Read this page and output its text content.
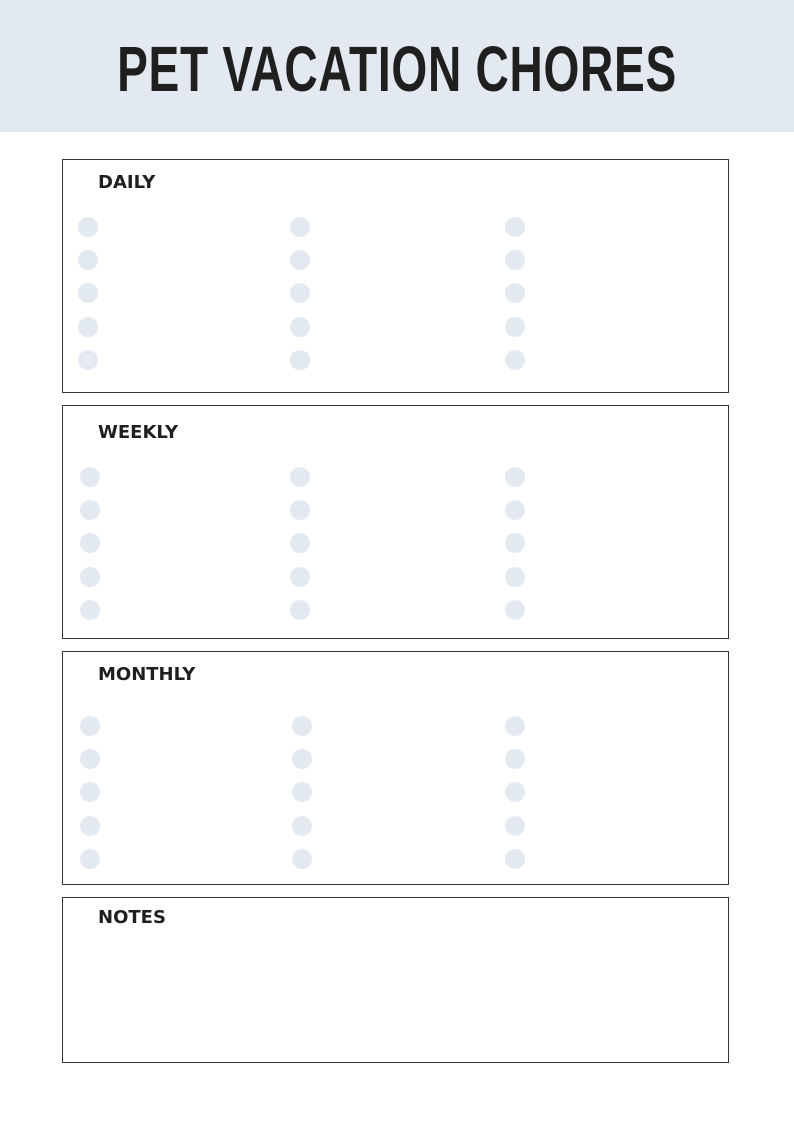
PET VACATION CHORES
DAILY
WEEKLY
MONTHLY
NOTES
